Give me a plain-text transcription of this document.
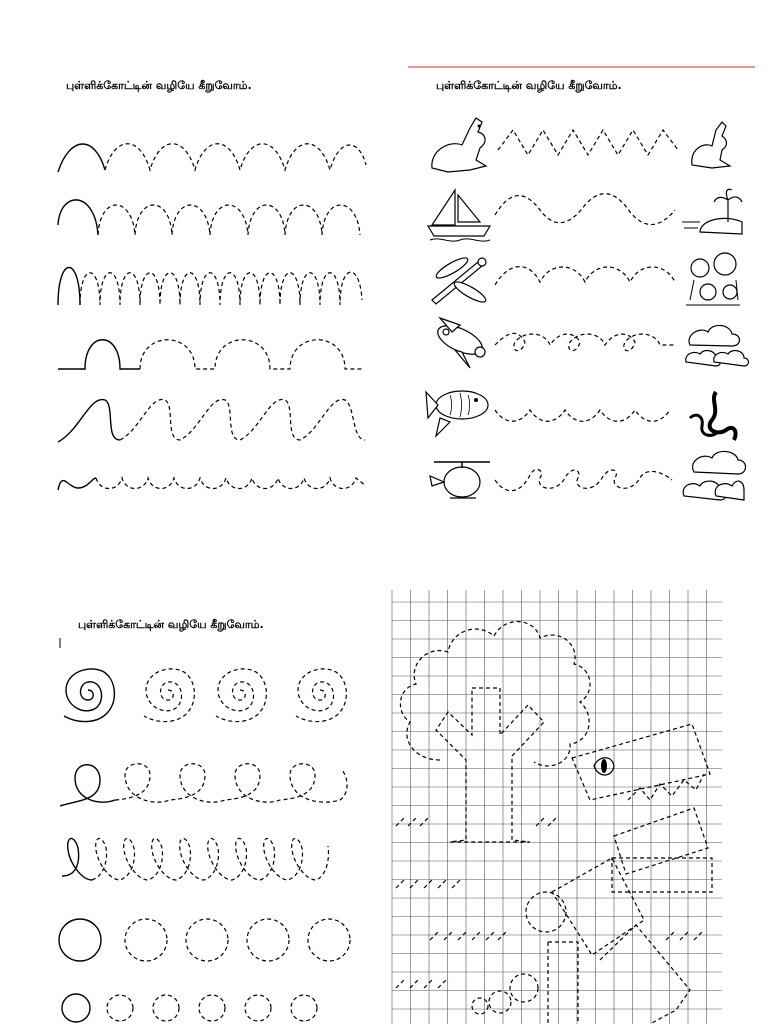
புள்ளிக்கோட்டின் வழியே கீறுவோம்.	புள்ளிக்கோட்டின் வழியே கீறுவோம்.
புள்ளிக்கோட்டின் வழியே கீறுவோம்.
